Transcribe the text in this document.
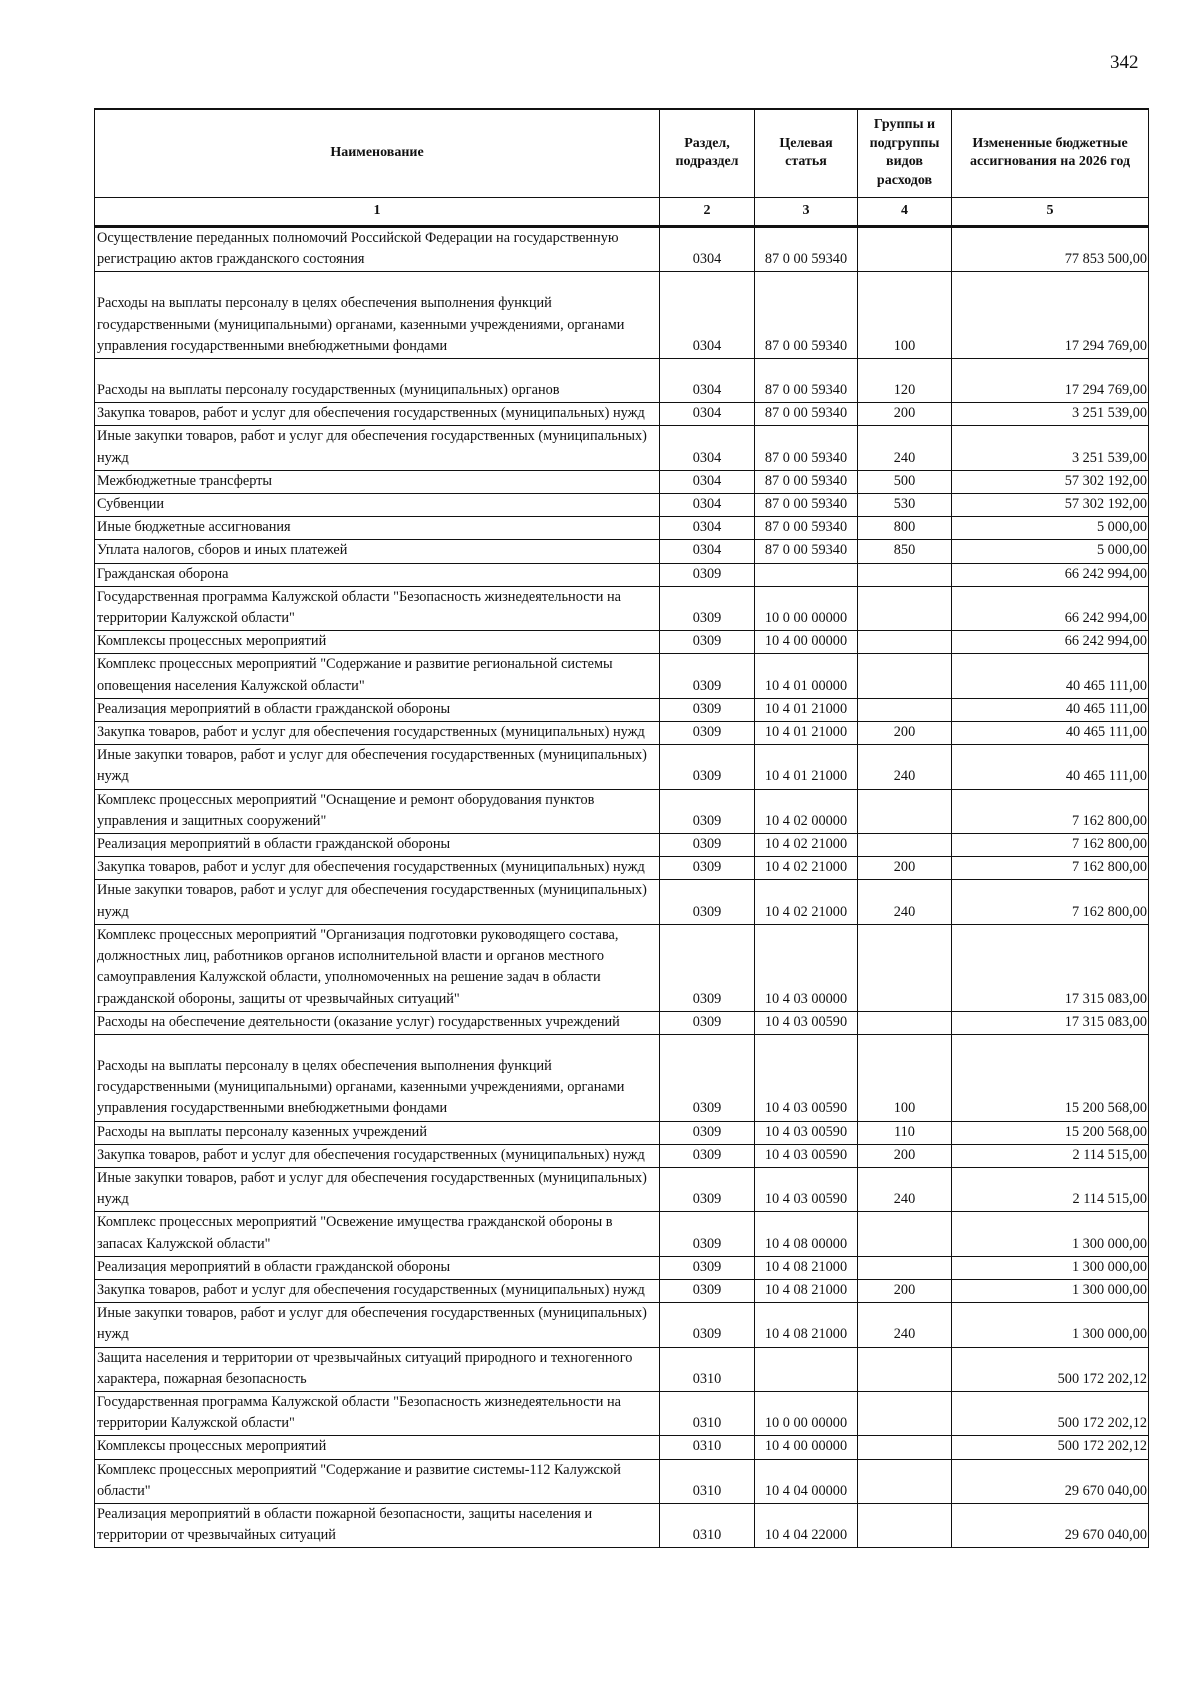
342
Наименование	Раздел, подраздел	Целевая статья	Группы и подгруппы видов расходов	Измененные бюджетные ассигнования на 2026 год
1	2	3	4	5
Осуществление переданных полномочий Российской Федерации на государственную регистрацию актов гражданского состояния	0304	87 0 00 59340		77 853 500,00
Расходы на выплаты персоналу в целях обеспечения выполнения функций государственными (муниципальными) органами, казенными учреждениями, органами управления государственными внебюджетными фондами	0304	87 0 00 59340	100	17 294 769,00
Расходы на выплаты персоналу государственных (муниципальных) органов	0304	87 0 00 59340	120	17 294 769,00
Закупка товаров, работ и услуг для обеспечения государственных (муниципальных) нужд	0304	87 0 00 59340	200	3 251 539,00
Иные закупки товаров, работ и услуг для обеспечения государственных (муниципальных) нужд	0304	87 0 00 59340	240	3 251 539,00
Межбюджетные трансферты	0304	87 0 00 59340	500	57 302 192,00
Субвенции	0304	87 0 00 59340	530	57 302 192,00
Иные бюджетные ассигнования	0304	87 0 00 59340	800	5 000,00
Уплата налогов, сборов и иных платежей	0304	87 0 00 59340	850	5 000,00
Гражданская оборона	0309			66 242 994,00
Государственная программа Калужской области "Безопасность жизнедеятельности на территории Калужской области"	0309	10 0 00 00000		66 242 994,00
Комплексы процессных мероприятий	0309	10 4 00 00000		66 242 994,00
Комплекс процессных мероприятий "Содержание и развитие региональной системы оповещения населения Калужской области"	0309	10 4 01 00000		40 465 111,00
Реализация мероприятий в области гражданской обороны	0309	10 4 01 21000		40 465 111,00
Закупка товаров, работ и услуг для обеспечения государственных (муниципальных) нужд	0309	10 4 01 21000	200	40 465 111,00
Иные закупки товаров, работ и услуг для обеспечения государственных (муниципальных) нужд	0309	10 4 01 21000	240	40 465 111,00
Комплекс процессных мероприятий "Оснащение и ремонт оборудования пунктов управления и защитных сооружений"	0309	10 4 02 00000		7 162 800,00
Реализация мероприятий в области гражданской обороны	0309	10 4 02 21000		7 162 800,00
Закупка товаров, работ и услуг для обеспечения государственных (муниципальных) нужд	0309	10 4 02 21000	200	7 162 800,00
Иные закупки товаров, работ и услуг для обеспечения государственных (муниципальных) нужд	0309	10 4 02 21000	240	7 162 800,00
Комплекс процессных мероприятий "Организация подготовки руководящего состава, должностных лиц, работников органов исполнительной власти и органов местного самоуправления Калужской области, уполномоченных на решение задач в области гражданской обороны, защиты от чрезвычайных ситуаций"	0309	10 4 03 00000		17 315 083,00
Расходы на обеспечение деятельности (оказание услуг) государственных учреждений	0309	10 4 03 00590		17 315 083,00
Расходы на выплаты персоналу в целях обеспечения выполнения функций государственными (муниципальными) органами, казенными учреждениями, органами управления государственными внебюджетными фондами	0309	10 4 03 00590	100	15 200 568,00
Расходы на выплаты персоналу казенных учреждений	0309	10 4 03 00590	110	15 200 568,00
Закупка товаров, работ и услуг для обеспечения государственных (муниципальных) нужд	0309	10 4 03 00590	200	2 114 515,00
Иные закупки товаров, работ и услуг для обеспечения государственных (муниципальных) нужд	0309	10 4 03 00590	240	2 114 515,00
Комплекс процессных мероприятий "Освежение имущества гражданской обороны в запасах Калужской области"	0309	10 4 08 00000		1 300 000,00
Реализация мероприятий в области гражданской обороны	0309	10 4 08 21000		1 300 000,00
Закупка товаров, работ и услуг для обеспечения государственных (муниципальных) нужд	0309	10 4 08 21000	200	1 300 000,00
Иные закупки товаров, работ и услуг для обеспечения государственных (муниципальных) нужд	0309	10 4 08 21000	240	1 300 000,00
Защита населения и территории от чрезвычайных ситуаций природного и техногенного характера, пожарная безопасность	0310			500 172 202,12
Государственная программа Калужской области "Безопасность жизнедеятельности на территории Калужской области"	0310	10 0 00 00000		500 172 202,12
Комплексы процессных мероприятий	0310	10 4 00 00000		500 172 202,12
Комплекс процессных мероприятий "Содержание и развитие системы-112 Калужской области"	0310	10 4 04 00000		29 670 040,00
Реализация мероприятий в области пожарной безопасности, защиты населения и территории от чрезвычайных ситуаций	0310	10 4 04 22000		29 670 040,00
